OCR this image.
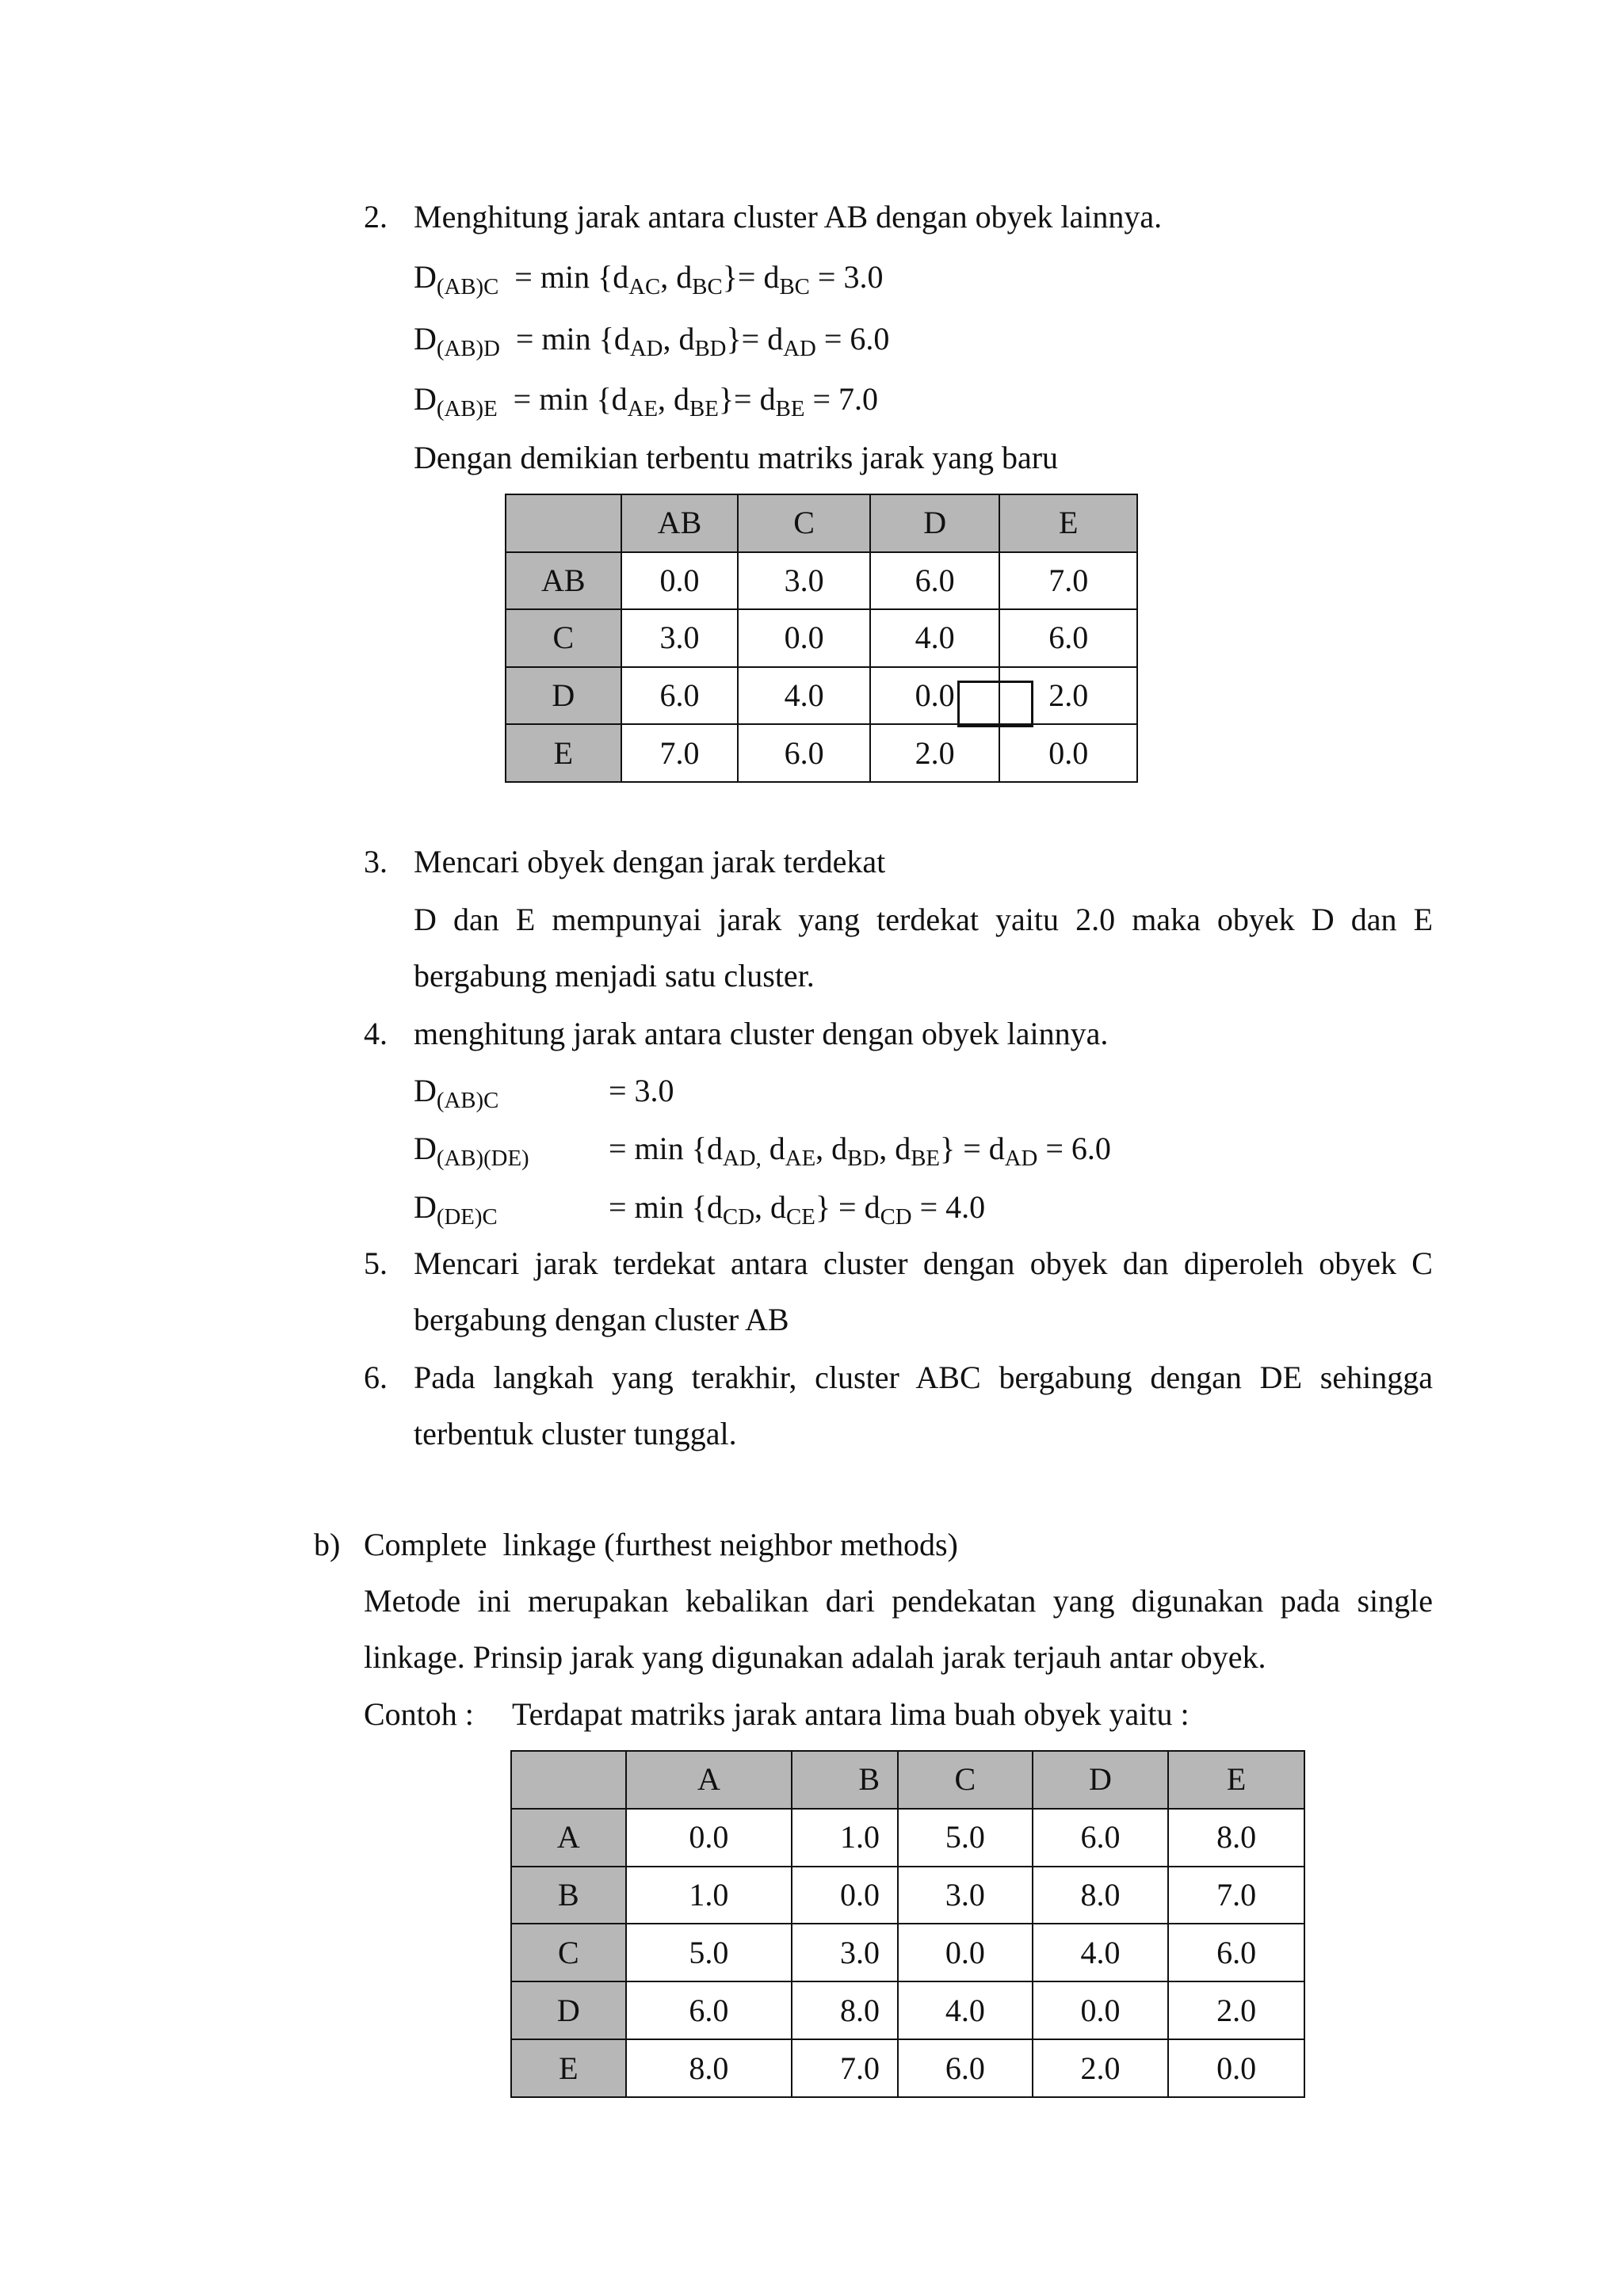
2. Menghitung jarak antara cluster AB dengan obyek lainnya.
$D_{(AB)C} = \min \{d_{AC}$, $d_{BC}\}= d_{BC} = 3.0$
$D_{(AB)D} = \min \{d_{AD}$, $d_{BD}\}= d_{AD} = 6.0$
$D_{(AB)E} = \min \{d_{AE}$, $d_{BE}\}= d_{BE} = 7.0$
Dengan demikian terbentu matriks jarak yang baru
	AB	C	D	E
AB	0.0	3.0	6.0	7.0
C	3.0	0.0	4.0	6.0
D	6.0	4.0	0.0	2.0
E	7.0	6.0	2.0	0.0
3. Mencari obyek dengan jarak terdekat
D dan E mempunyai jarak yang terdekat yaitu 2.0 maka obyek D dan E
bergabung menjadi satu cluster.
4. menghitung jarak antara cluster dengan obyek lainnya.
$D_{(AB)C}$	= 3.0
$D_{(AB)(DE)}$	= $\min \{d_{AD,}$ $d_{AE}$, $d_{BD}$, $d_{BE}\} = d_{AD} = 6.0$
$D_{(DE)C}$	= $\min \{d_{CD}$, $d_{CE}\} = d_{CD} = 4.0$
5. Mencari jarak terdekat antara cluster dengan obyek dan diperoleh obyek C
bergabung dengan cluster AB
6. Pada langkah yang terakhir, cluster ABC bergabung dengan DE sehingga
terbentuk cluster tunggal.
b) Complete  linkage (furthest neighbor methods)
Metode ini merupakan kebalikan dari pendekatan yang digunakan pada single
linkage. Prinsip jarak yang digunakan adalah jarak terjauh antar obyek.
Contoh : Terdapat matriks jarak antara lima buah obyek yaitu :
	A	B	C	D	E
A	0.0	1.0	5.0	6.0	8.0
B	1.0	0.0	3.0	8.0	7.0
C	5.0	3.0	0.0	4.0	6.0
D	6.0	8.0	4.0	0.0	2.0
E	8.0	7.0	6.0	2.0	0.0
